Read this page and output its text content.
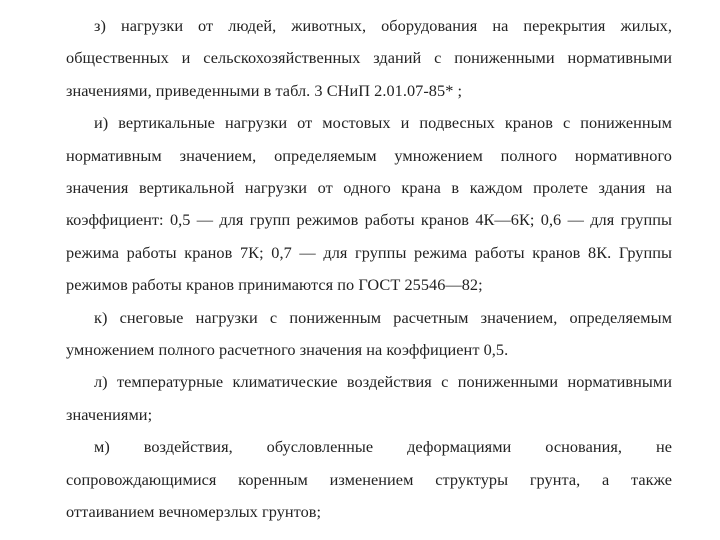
з) нагрузки от людей, животных, оборудования на перекрытия жилых,
общественных и сельскохозяйственных зданий с пониженными нормативными
значениями, приведенными в табл. 3 СНиП 2.01.07-85* ;

и) вертикальные нагрузки от мостовых и подвесных кранов с пониженным
нормативным значением, определяемым умножением полного нормативного
значения вертикальной нагрузки от одного крана в каждом пролете здания на
коэффициент: 0,5 — для групп режимов работы кранов 4К—6К; 0,6 — для группы
режима работы кранов 7К; 0,7 — для группы режима работы кранов 8К. Группы
режимов работы кранов принимаются по ГОСТ 25546—82;

к) снеговые нагрузки с пониженным расчетным значением, определяемым
умножением полного расчетного значения на коэффициент 0,5.

л) температурные климатические воздействия с пониженными нормативными
значениями;

м) воздействия, обусловленные деформациями основания, не
сопровождающимися коренным изменением структуры грунта, а также
оттаиванием вечномерзлых грунтов;
